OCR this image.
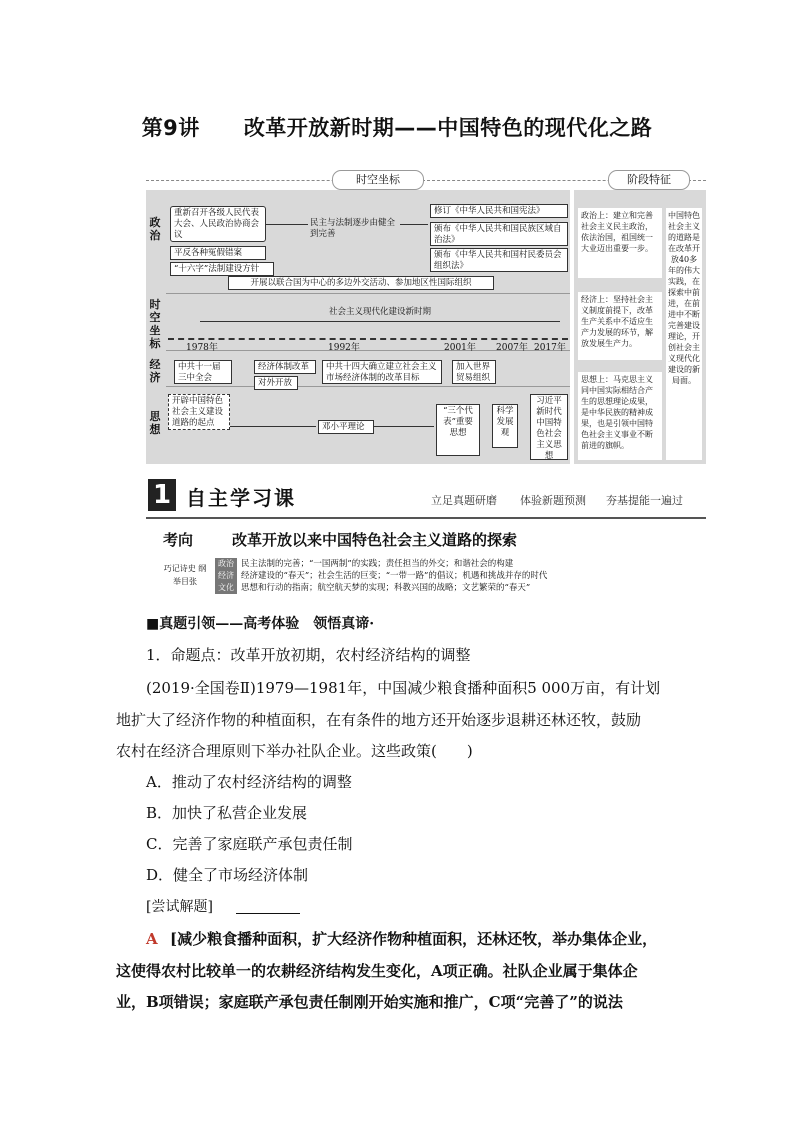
第9讲 改革开放新时期——中国特色的现代化之路
时空坐标	阶段特征
政治
时空坐标
经济
思想
重新召开各级人民代表大会、人民政治协商会议
平反各种冤假错案
“十六字”法制建设方针
民主与法制逐步由健全到完善
修订《中华人民共和国宪法》
颁布《中华人民共和国民族区域自治法》
颁布《中华人民共和国村民委员会组织法》
开展以联合国为中心的多边外交活动、参加地区性国际组织
社会主义现代化建设新时期
1978年	1992年	2001年 2007年 2017年
中共十一届三中全会
经济体制改革
对外开放
中共十四大确立建立社会主义市场经济体制的改革目标
加入世界贸易组织
开辟中国特色社会主义建设道路的起点	邓小平理论
“三个代表”重要思想
科学发展观
习近平新时代中国特色社会主义思想
政治上：建立和完善社会主义民主政治，依法治国，祖国统一大业迈出重要一步。
经济上：坚持社会主义制度前提下，改革生产关系中不适应生产力发展的环节，解放发展生产力。
思想上：马克思主义同中国实际相结合产生的思想理论成果，是中华民族的精神成果，也是引领中国特色社会主义事业不断前进的旗帜。
中国特色社会主义的道路是在改革开放40多年的伟大实践，在探索中前进，在前进中不断完善建设理论，开创社会主义现代化建设的新局面。
1 自主学习课	立足真题研磨 体验新题预测 夯基提能一遍过
考向	改革开放以来中国特色社会主义道路的探索
巧记诗史 纲举目张
政治 民主法制的完善；“一国两制”的实践；责任担当的外交；和谐社会的构建
经济 经济建设的“春天”；社会生活的巨变；“一带一路”的倡议；机遇和挑战并存的时代
文化 思想和行动的指南；航空航天梦的实现；科教兴国的战略；文艺繁荣的“春天”
■真题引领——高考体验　领悟真谛·
1．命题点：改革开放初期，农村经济结构的调整
(2019·全国卷Ⅱ)1979—1981年，中国减少粮食播种面积5 000万亩，有计划
地扩大了经济作物的种植面积，在有条件的地方还开始逐步退耕还林还牧，鼓励
农村在经济合理原则下举办社队企业。这些政策(　　)
A．推动了农村经济结构的调整
B．加快了私营企业发展
C．完善了家庭联产承包责任制
D．健全了市场经济体制
[尝试解题]
A [减少粮食播种面积，扩大经济作物种植面积，还林还牧，举办集体企业，
这使得农村比较单一的农耕经济结构发生变化，A项正确。社队企业属于集体企
业，B项错误；家庭联产承包责任制刚开始实施和推广，C项“完善了”的说法
